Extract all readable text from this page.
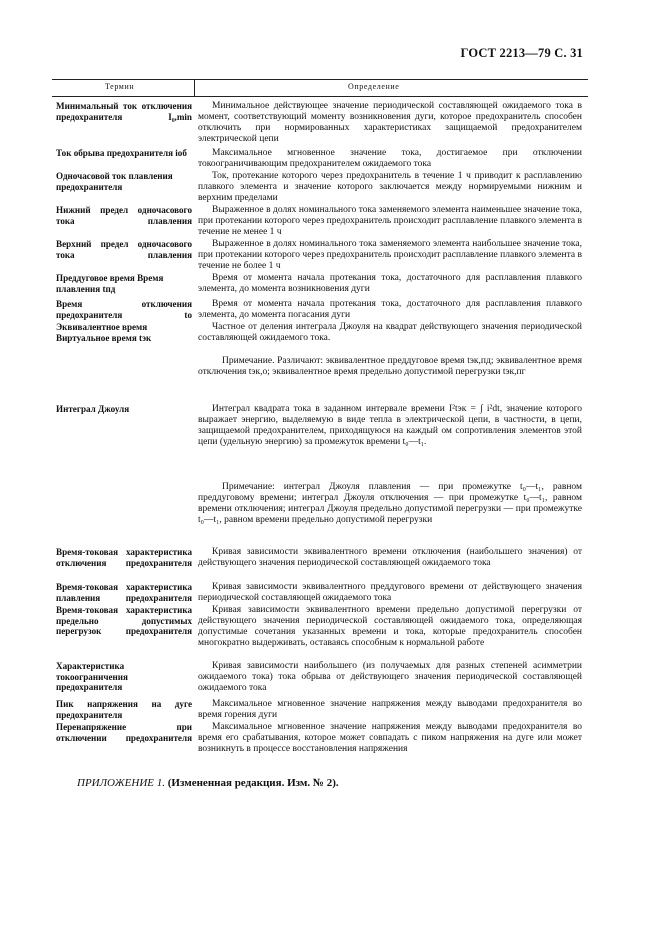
ГОСТ 2213—79 С. 31
Термин	Определение
Минимальный ток отключения предохранителя I₀,min
Ток обрыва предохранителя iоб
Одночасовой ток плавления предохранителя
Нижний предел одночасового тока плавления
Верхний предел одночасового тока плавления
Преддуговое время Время плавления tпд
Время отключения предохранителя tо
Эквивалентное время Виртуальное время tэк
Интеграл Джоуля
Время-токовая характеристика отключения предохранителя
Время-токовая характеристика плавления предохранителя
Время-токовая характеристика предельно допустимых перегрузок предохранителя
Характеристика токоограничения предохранителя
Пик напряжения на дуге предохранителя
Перенапряжение при отключении предохранителя
Минимальное действующее значение периодической составляющей ожидаемого тока в момент, соответствующий моменту возникновения дуги, которое предохранитель способен отключить при нормированных характеристиках защищаемой предохранителем электрической цепи
Максимальное мгновенное значение тока, достигаемое при отключении токоограничивающим предохранителем ожидаемого тока
Ток, протекание которого через предохранитель в течение 1 ч приводит к расплавлению плавкого элемента и значение которого заключается между нормируемыми нижним и верхним пределами
Выраженное в долях номинального тока заменяемого элемента наименьшее значение тока, при протекании которого через предохранитель происходит расплавление плавкого элемента в течение не менее 1 ч
Выраженное в долях номинального тока заменяемого элемента наибольшее значение тока, при протекании которого через предохранитель происходит расплавление плавкого элемента в течение не более 1 ч
Время от момента начала протекания тока, достаточного для расплавления плавкого элемента, до момента возникновения дуги
Время от момента начала протекания тока, достаточного для расплавления плавкого элемента, до момента погасания дуги
Частное от деления интеграла Джоуля на квадрат действующего значения периодической составляющей ожидаемого тока.
Примечание. Различают: эквивалентное преддуговое время tэк,пд; эквивалентное время отключения tэк,о; эквивалентное время предельно допустимой перегрузки tэк,пг
Интеграл квадрата тока в заданном интервале времени I²tэк = ∫ i²dt, значение которого выражает энергию, выделяемую в виде тепла в электрической цепи, в частности, в цепи, защищаемой предохранителем, приходящуюся на каждый ом сопротивления элементов этой цепи (удельную энергию) за промежуток времени t₀—t₁.
Примечание: интеграл Джоуля плавления — при промежутке t₀—t₁, равном преддуговому времени; интеграл Джоуля отключения — при промежутке t₀—t₁, равном времени отключения; интеграл Джоуля предельно допустимой перегрузки — при промежутке t₀—t₁, равном времени предельно допустимой перегрузки
Кривая зависимости эквивалентного времени отключения (наибольшего значения) от действующего значения периодической составляющей ожидаемого тока
Кривая зависимости эквивалентного преддугового времени от действующего значения периодической составляющей ожидаемого тока
Кривая зависимости эквивалентного времени предельно допустимой перегрузки от действующего значения периодической составляющей ожидаемого тока, определяющая допустимые сочетания указанных времени и тока, которые предохранитель способен многократно выдерживать, оставаясь способным к нормальной работе
Кривая зависимости наибольшего (из получаемых для разных степеней асимметрии ожидаемого тока) тока обрыва от действующего значения периодической составляющей ожидаемого тока
Максимальное мгновенное значение напряжения между выводами предохранителя во время горения дуги
Максимальное мгновенное значение напряжения между выводами предохранителя во время его срабатывания, которое может совпадать с пиком напряжения на дуге или может возникнуть в процессе восстановления напряжения
ПРИЛОЖЕНИЕ 1. (Измененная редакция. Изм. № 2).
